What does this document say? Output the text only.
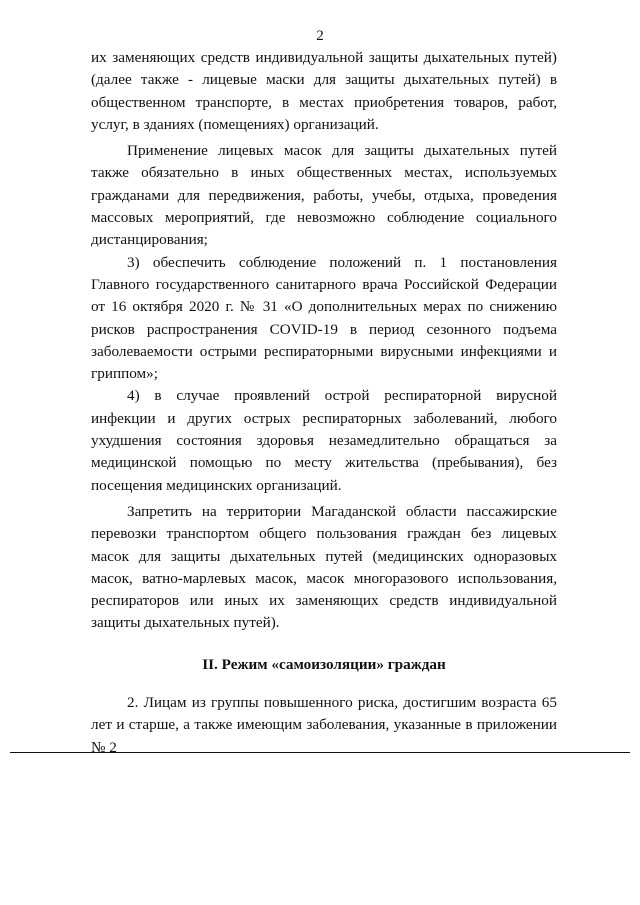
2

их заменяющих средств индивидуальной защиты дыхательных путей) (далее также - лицевые маски для защиты дыхательных путей) в общественном транспорте, в местах приобретения товаров, работ, услуг, в зданиях (помещениях) организаций.

Применение лицевых масок для защиты дыхательных путей также обязательно в иных общественных местах, используемых гражданами для передвижения, работы, учебы, отдыха, проведения массовых мероприятий, где невозможно соблюдение социального дистанцирования;

3) обеспечить соблюдение положений п. 1 постановления Главного государственного санитарного врача Российской Федерации от 16 октября 2020 г. № 31 «О дополнительных мерах по снижению рисков распространения COVID-19 в период сезонного подъема заболеваемости острыми респираторными вирусными инфекциями и гриппом»;

4) в случае проявлений острой респираторной вирусной инфекции и других острых респираторных заболеваний, любого ухудшения состояния здоровья незамедлительно обращаться за медицинской помощью по месту жительства (пребывания), без посещения медицинских организаций.

Запретить на территории Магаданской области пассажирские перевозки транспортом общего пользования граждан без лицевых масок для защиты дыхательных путей (медицинских одноразовых масок, ватно-марлевых масок, масок многоразового использования, респираторов или иных их заменяющих средств индивидуальной защиты дыхательных путей).

II. Режим «самоизоляции» граждан

2. Лицам из группы повышенного риска, достигшим возраста 65 лет и старше, а также имеющим заболевания, указанные в приложении № 2
